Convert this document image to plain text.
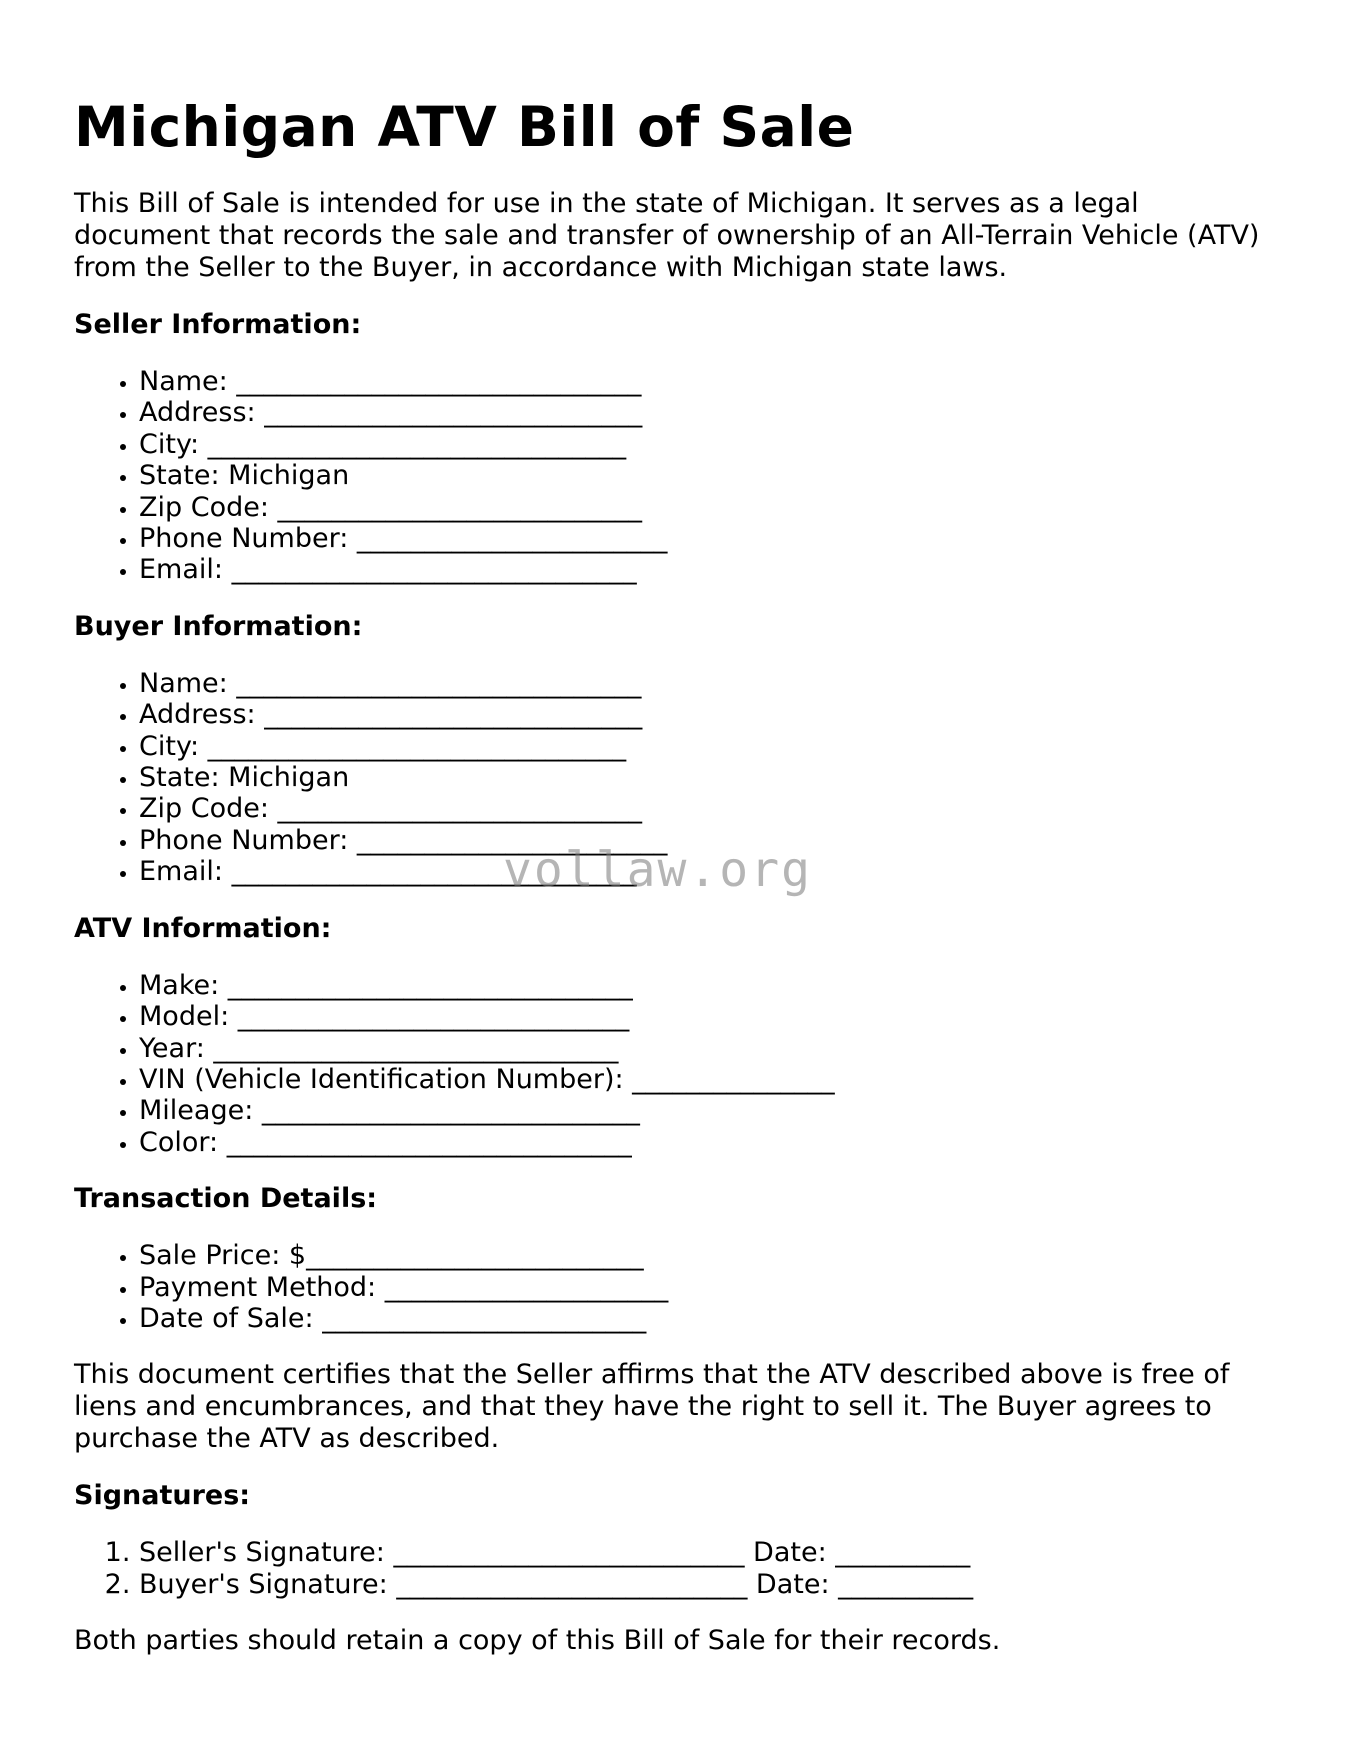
Michigan ATV Bill of Sale

This Bill of Sale is intended for use in the state of Michigan. It serves as a legal document that records the sale and transfer of ownership of an All-Terrain Vehicle (ATV) from the Seller to the Buyer, in accordance with Michigan state laws.

Seller Information:
• Name: ______________________________
• Address: ____________________________
• City: _______________________________
• State: Michigan
• Zip Code: ___________________________
• Phone Number: _______________________
• Email: ______________________________
Buyer Information:
• Name: ______________________________
• Address: ____________________________
• City: _______________________________
• State: Michigan
• Zip Code: ___________________________
• Phone Number: _______________________
• Email: ______________________________
ATV Information:
• Make: ______________________________
• Model: _____________________________
• Year: ______________________________
• VIN (Vehicle Identification Number): _______________
• Mileage: ____________________________
• Color: ______________________________
Transaction Details:
• Sale Price: $_________________________
• Payment Method: _____________________
• Date of Sale: ________________________

This document certifies that the Seller affirms that the ATV described above is free of liens and encumbrances, and that they have the right to sell it. The Buyer agrees to purchase the ATV as described.

Signatures:
1. Seller's Signature: __________________________ Date: __________
2. Buyer's Signature: __________________________ Date: __________

Both parties should retain a copy of this Bill of Sale for their records.

vollaw.org
